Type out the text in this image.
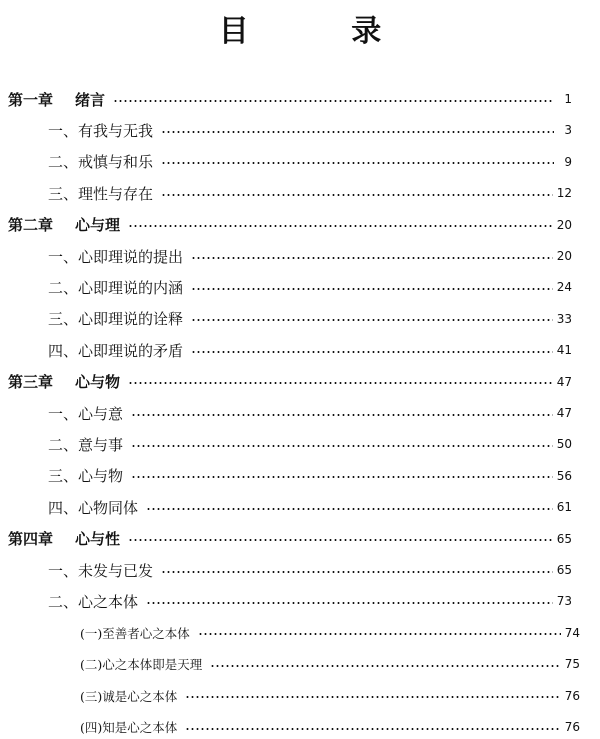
目 录
第一章 绪言	1
一、有我与无我	3
二、戒慎与和乐	9
三、理性与存在	12
第二章 心与理	20
一、心即理说的提出	20
二、心即理说的内涵	24
三、心即理说的诠释	33
四、心即理说的矛盾	41
第三章 心与物	47
一、心与意	47
二、意与事	50
三、心与物	56
四、心物同体	61
第四章 心与性	65
一、未发与已发	65
二、心之本体	73
(一)至善者心之本体	74
(二)心之本体即是天理	75
(三)诚是心之本体	76
(四)知是心之本体	76
